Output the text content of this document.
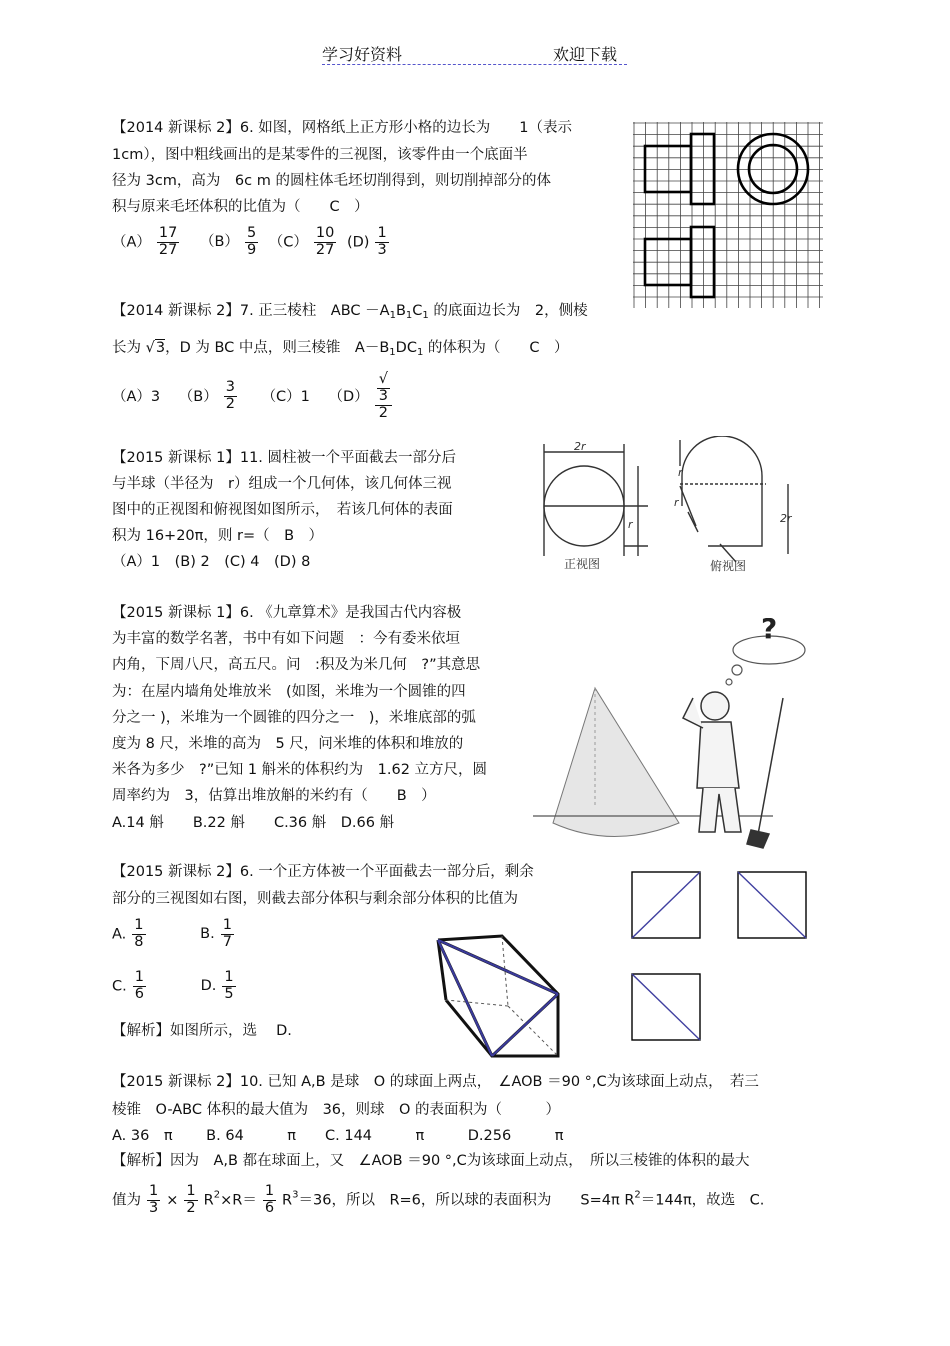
学习好资料	欢迎下载
【2014 新课标 2】6. 如图，网格纸上正方形小格的边长为　　1（表示
1cm），图中粗线画出的是某零件的三视图，该零件由一个底面半
径为 3cm，高为　6c m 的圆柱体毛坯切削得到，则切削掉部分的体
积与原来毛坯体积的比值为（　　C　）
$(A) \frac{17}{27} (B) \frac{5}{9} (C) \frac{10}{27} (D) \frac{1}{3}$
【2014 新课标 2】7. 正三棱柱　ABC $-A_1B_1C_1$ 的底面边长为　2，侧棱
长为 √3，D 为 BC 中点，则三棱锥　$A-B_1DC_1$ 的体积为（　　C　）
（A）3 $(B) \frac{3}{2} (C)1$ （D） √
3
2
【2015 新课标 1】11. 圆柱被一个平面截去一部分后
与半球（半径为　r）组成一个几何体，该几何体三视
图中的正视图和俯视图如图所示，　若该几何体的表面
积为 16+20π，则 r=（　B　）
（A）1　(B) 2　(C) 4　(D) 8
2r
r
r
r
2r
正视图	俯视图
【2015 新课标 1】6. 《九章算术》是我国古代内容极
为丰富的数学名著，书中有如下问题　：今有委米依垣
内角，下周八尺，高五尺。问　:积及为米几何　?”其意思
为：在屋内墙角处堆放米　(如图，米堆为一个圆锥的四
分之一 )，米堆为一个圆锥的四分之一　)，米堆底部的弧
度为 8 尺，米堆的高为　5 尺，问米堆的体积和堆放的
米各为多少　?”已知 1 斛米的体积约为　1.62 立方尺，圆
周率约为　3，估算出堆放斛的米约有（　　B　）
A.14 斛　　B.22 斛　　C.36 斛　D.66 斛
?
【2015 新课标 2】6. 一个正方体被一个平面截去一部分后，剩余
部分的三视图如右图，则截去部分体积与剩余部分体积的比值为
A. $\frac{1}{8}$	B. $\frac{1}{7}$
C. $\frac{1}{6}$	D. $\frac{1}{5}$
【解析】如图所示，选　 D.
【2015 新课标 2】10. 已知 A,B 是球　O 的球面上两点，　∠AOB ＝90 °,C为该球面上动点，　若三
棱锥　O-ABC 体积的最大值为　36，则球　O 的表面积为（　　　）
A. 36　π　　 B. 64　　　π　　C. 144　　　π　　　D.256　　　π
【解析】因为　A,B 都在球面上，又　∠AOB ＝90 °,C为该球面上动点，　所以三棱锥的体积的最大
值为 $\frac{1}{3} \times \frac{1}{2} R^2\times R= \frac{1}{6} R^3=36$，所以　R=6，所以球的表面积为　　S=4π $R^2=144\pi$，故选　C.
